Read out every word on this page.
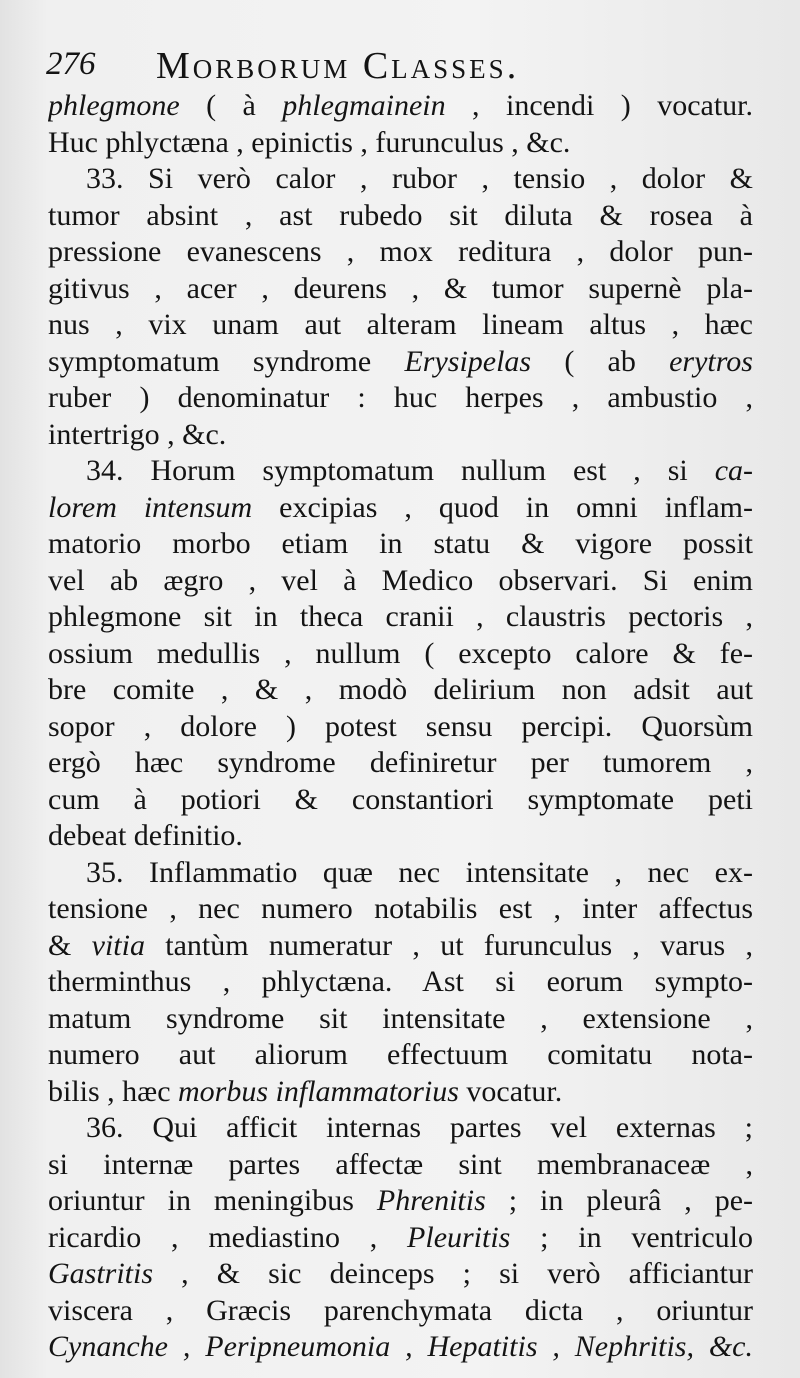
276 Morborum Classes.
phlegmone ( à phlegmainein , incendi ) vocatur.
Huc phlyctæna , epinictis , furunculus , &c.
33. Si verò calor , rubor , tensio , dolor &
tumor absint , ast rubedo sit diluta & rosea à
pressione evanescens , mox reditura , dolor pun-
gitivus , acer , deurens , & tumor supernè pla-
nus , vix unam aut alteram lineam altus , hæc
symptomatum syndrome Erysipelas ( ab erytros
ruber ) denominatur : huc herpes , ambustio ,
intertrigo , &c.
34. Horum symptomatum nullum est , si ca-
lorem intensum excipias , quod in omni inflam-
matorio morbo etiam in statu & vigore possit
vel ab ægro , vel à Medico observari. Si enim
phlegmone sit in theca cranii , claustris pectoris ,
ossium medullis , nullum ( excepto calore & fe-
bre comite , & , modò delirium non adsit aut
sopor , dolore ) potest sensu percipi. Quorsùm
ergò hæc syndrome definiretur per tumorem ,
cum à potiori & constantiori symptomate peti
debeat definitio.
35. Inflammatio quæ nec intensitate , nec ex-
tensione , nec numero notabilis est , inter affectus
& vitia tantùm numeratur , ut furunculus , varus ,
therminthus , phlyctæna. Ast si eorum sympto-
matum syndrome sit intensitate , extensione ,
numero aut aliorum effectuum comitatu nota-
bilis , hæc morbus inflammatorius vocatur.
36. Qui afficit internas partes vel externas ;
si internæ partes affectæ sint membranaceæ ,
oriuntur in meningibus Phrenitis ; in pleurâ , pe-
ricardio , mediastino , Pleuritis ; in ventriculo
Gastritis , & sic deinceps ; si verò afficiantur
viscera , Græcis parenchymata dicta , oriuntur
Cynanche , Peripneumonia , Hepatitis , Nephritis, &c.
